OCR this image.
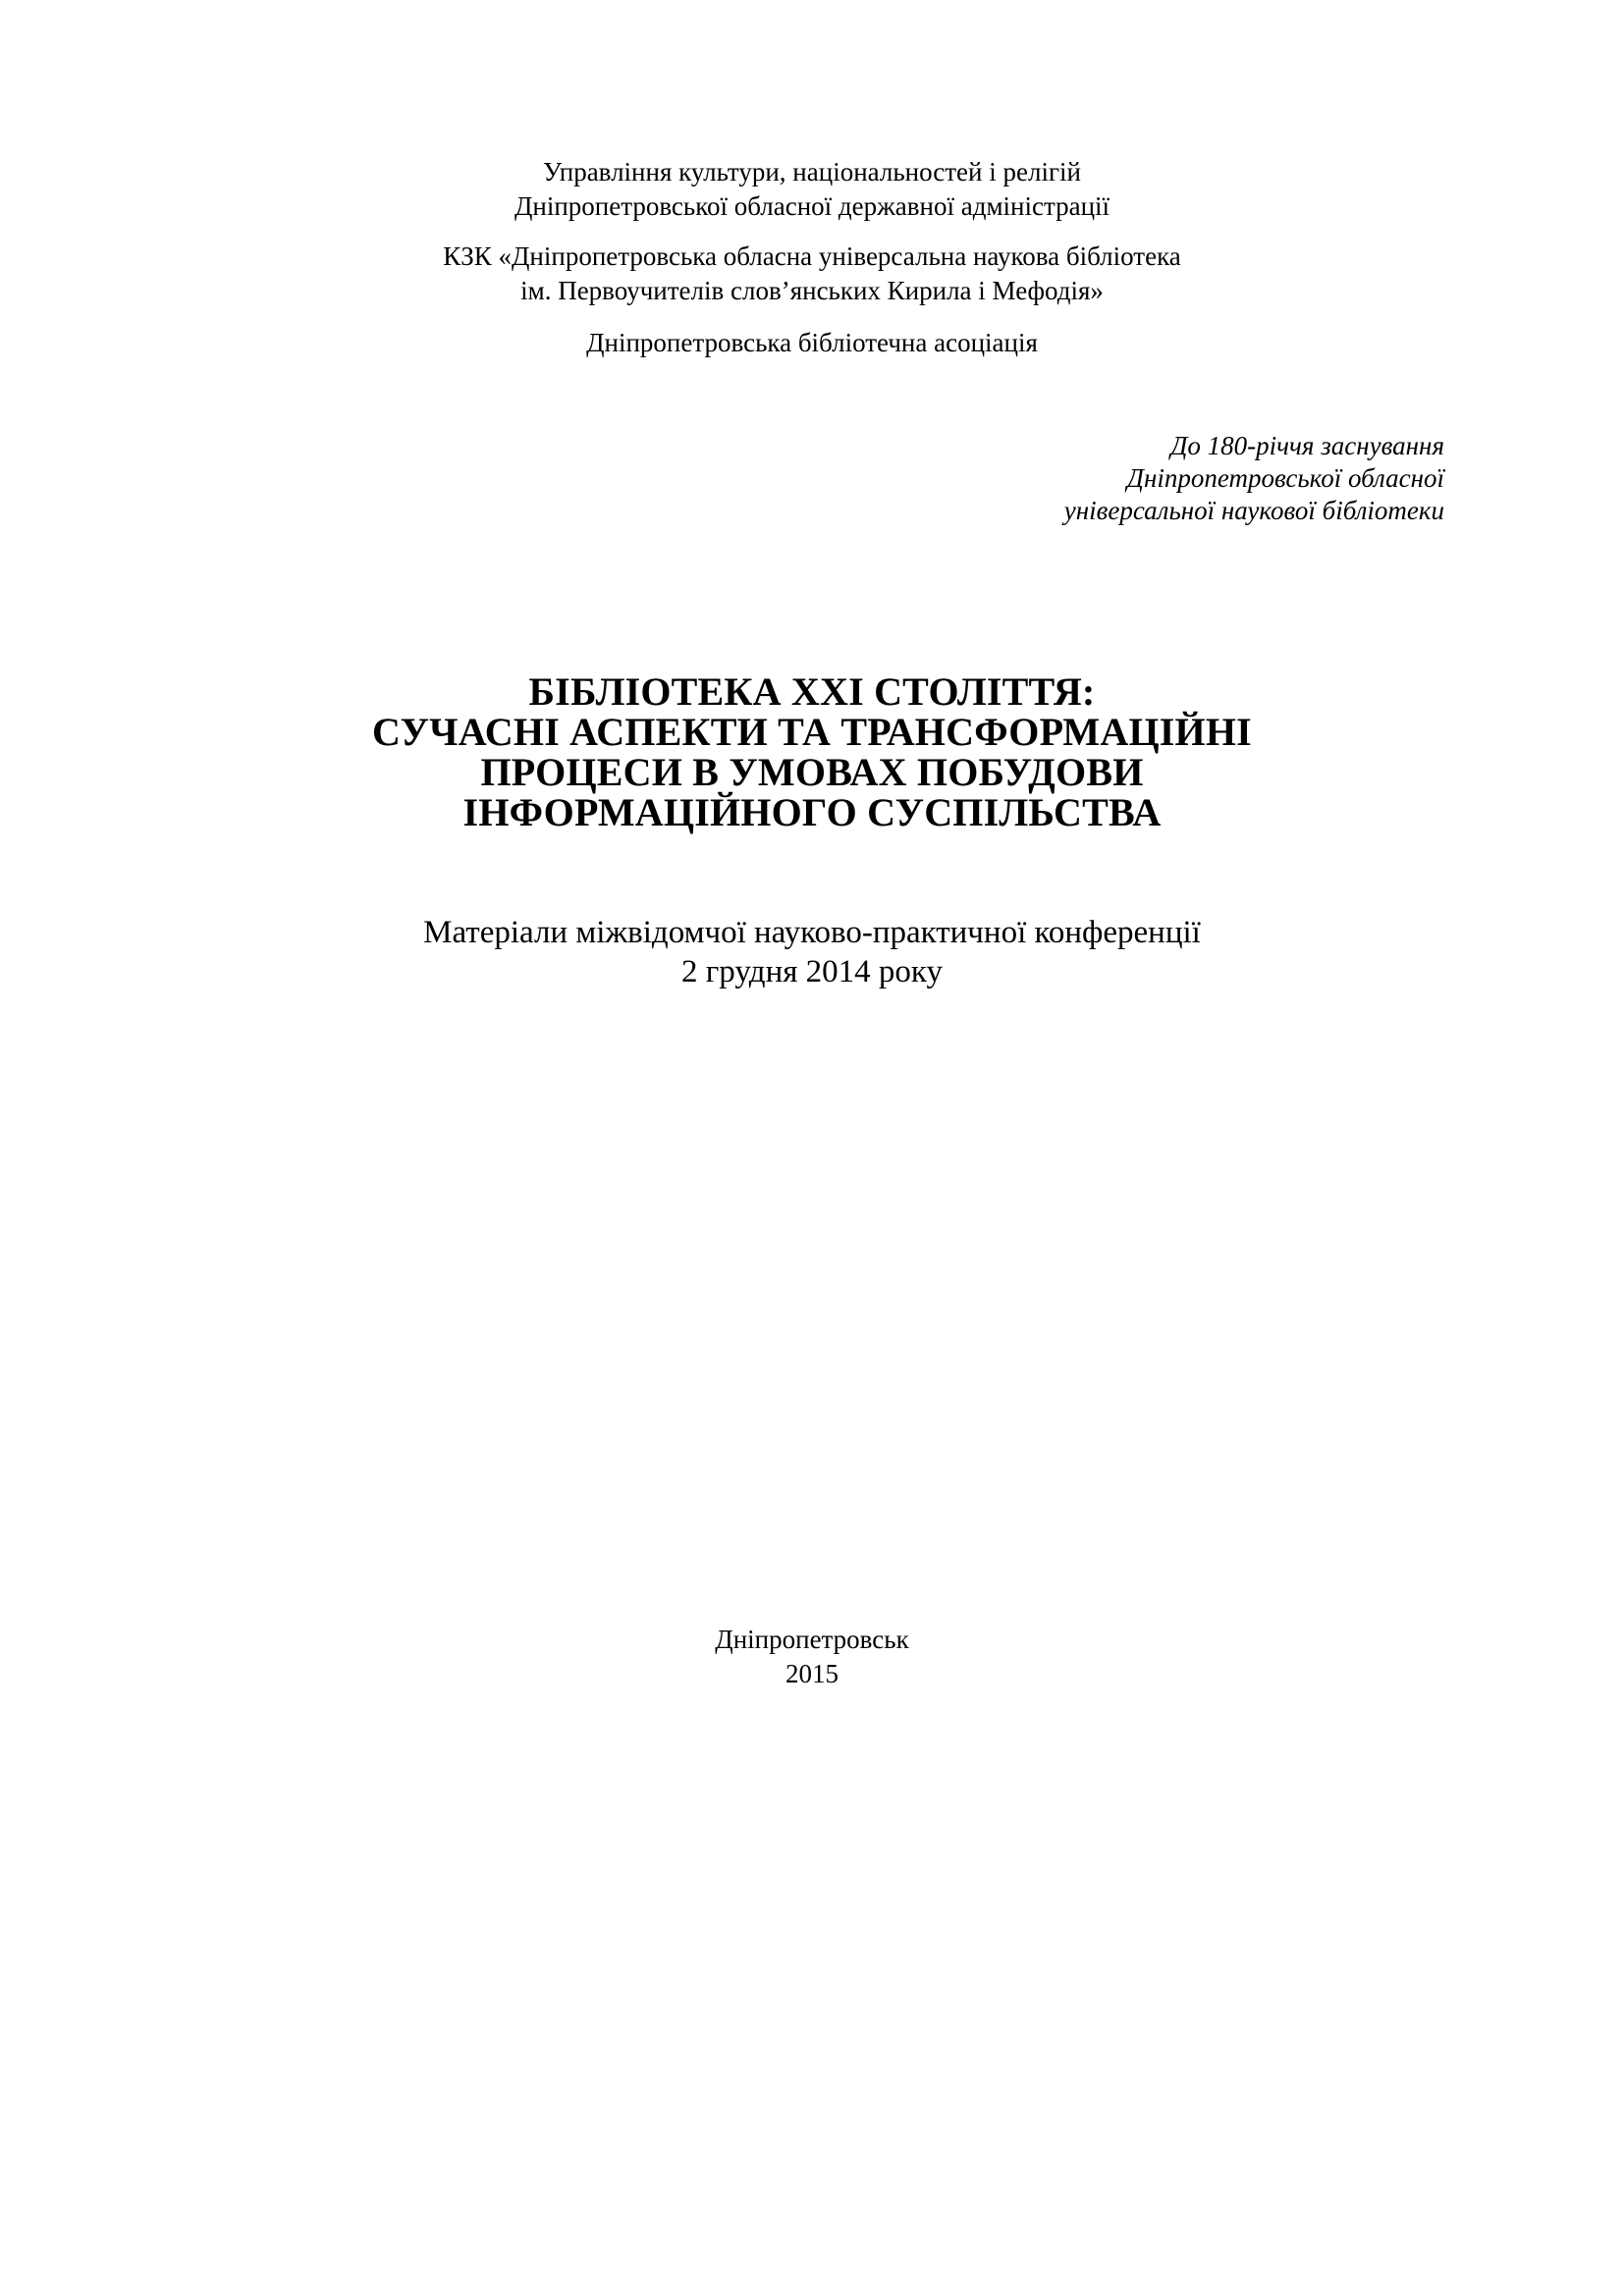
Управління культури, національностей і релігій

Дніпропетровської обласної державної адміністрації

КЗК «Дніпропетровська обласна універсальна наукова бібліотека

ім. Первоучителів слов’янських Кирила і Мефодія»

Дніпропетровська бібліотечна асоціація

До 180-річчя заснування

Дніпропетровської обласної

універсальної наукової бібліотеки

БІБЛІОТЕКА XXI СТОЛІТТЯ:

СУЧАСНІ АСПЕКТИ ТА ТРАНСФОРМАЦІЙНІ

ПРОЦЕСИ В УМОВАХ ПОБУДОВИ

ІНФОРМАЦІЙНОГО СУСПІЛЬСТВА

Матеріали міжвідомчої науково-практичної конференції

2 грудня 2014 року

Дніпропетровськ

2015
